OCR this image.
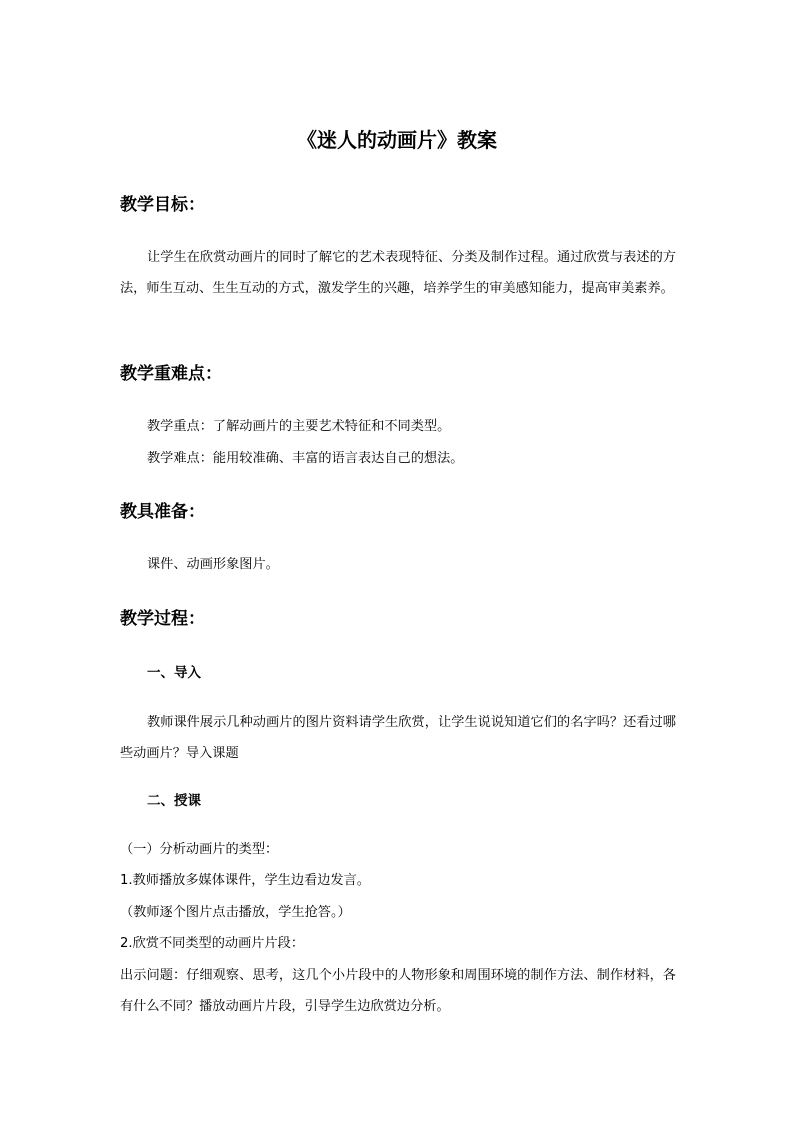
《迷人的动画片》教案
教学目标：

让学生在欣赏动画片的同时了解它的艺术表现特征、分类及制作过程。通过欣赏与表述的方法，师生互动、生生互动的方式，激发学生的兴趣，培养学生的审美感知能力，提高审美素养。

教学重难点：
教学重点：了解动画片的主要艺术特征和不同类型。
教学难点：能用较准确、丰富的语言表达自己的想法。
教具准备：
课件、动画形象图片。
教学过程：
一、导入

教师课件展示几种动画片的图片资料请学生欣赏，让学生说说知道它们的名字吗？还看过哪些动画片？导入课题

二、授课
（一）分析动画片的类型：
1.教师播放多媒体课件，学生边看边发言。
（教师逐个图片点击播放，学生抢答。）
2.欣赏不同类型的动画片片段：

出示问题：仔细观察、思考，这几个小片段中的人物形象和周围环境的制作方法、制作材料，各有什么不同？播放动画片片段，引导学生边欣赏边分析。
